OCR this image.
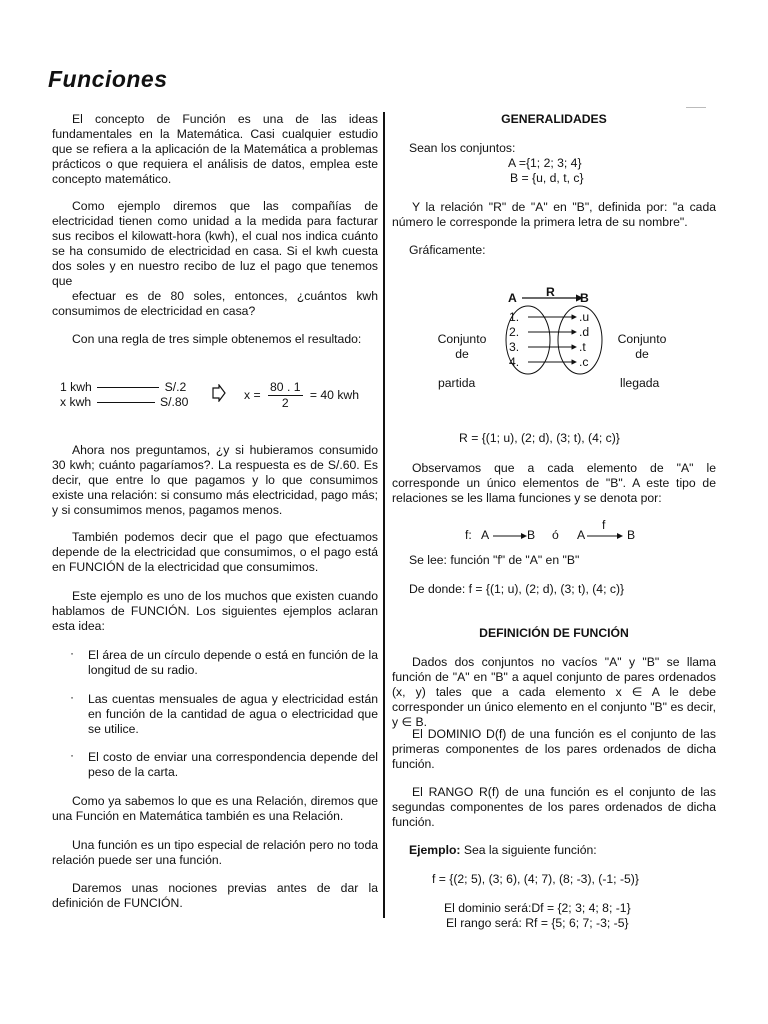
Funciones

El concepto de Función es una de las ideas fundamentales en la Matemática. Casi cualquier estudio que se refiera a la aplicación de la Matemática a problemas prácticos o que requiera el análisis de datos, emplea este concepto matemático.

Como ejemplo diremos que las compañías de electricidad tienen como unidad a la medida para facturar sus recibos el kilowatt-hora (kwh), el cual nos indica cuánto se ha consumido de electricidad en casa. Si el kwh cuesta dos soles y en nuestro recibo de luz el pago que tenemos que

efectuar es de 80 soles, entonces, ¿cuántos kwh consumimos de electricidad en casa?

Con una regla de tres simple obtenemos el resultado:

1 kwh	S/.2
x kwh	S/.80	$x = \frac{80 . 1}{2} = 40$ kwh

Ahora nos preguntamos, ¿y si hubieramos consumido 30 kwh; cuánto pagaríamos?. La respuesta es de S/.60. Es decir, que entre lo que pagamos y lo que consumimos existe una relación: si consumo más electricidad, pago más; y si consumimos menos, pagamos menos.

También podemos decir que el pago que efectuamos depende de la electricidad que consumimos, o el pago está en FUNCIÓN de la electricidad que consumimos.

Este ejemplo es uno de los muchos que existen cuando hablamos de FUNCIÓN. Los siguientes ejemplos aclaran esta idea:

· El área de un círculo depende o está en función de la longitud de su radio.
· Las cuentas mensuales de agua y electricidad están en función de la cantidad de agua o electricidad que se utilice.
· El costo de enviar una correspondencia depende del peso de la carta.

Como ya sabemos lo que es una Relación, diremos que una Función en Matemática también es una Relación.

Una función es un tipo especial de relación pero no toda relación puede ser una función.

Daremos unas nociones previas antes de dar la definición de FUNCIÓN.

GENERALIDADES
Sean los conjuntos:
A ={1; 2; 3; 4}
B = {u, d, t, c}

Y la relación "R" de "A" en "B", definida por: "a cada número le corresponde la primera letra de su nombre".

Gráficamente:
A R B
1.
2.
3.
4.
.u
.d
.t
.c
Conjunto
de
Conjunto
de
partida	llegada
R = {(1; u), (2; d), (3; t), (4; c)}

Observamos que a cada elemento de "A" le corresponde un único elementos de "B". A este tipo de relaciones se les llama funciones y se denota por:

f: A	B ó A
f
B
Se lee: función "f" de "A" en "B"
De donde: f = {(1; u), (2; d), (3; t), (4; c)}
DEFINICIÓN DE FUNCIÓN

Dados dos conjuntos no vacíos "A" y "B" se llama función de "A" en "B" a aquel conjunto de pares ordenados (x, y) tales que a cada elemento x ∈ A le debe corresponder un único elemento en el conjunto "B" es decir, y ∈ B.

El DOMINIO D(f) de una función es el conjunto de las primeras componentes de los pares ordenados de dicha función.

El RANGO R(f) de una función es el conjunto de las segundas componentes de los pares ordenados de dicha función.

Ejemplo: Sea la siguiente función:
f = {(2; 5), (3; 6), (4; 7), (8; -3), (-1; -5)}
El dominio será:Df = {2; 3; 4; 8; -1}
El rango será: Rf = {5; 6; 7; -3; -5}
